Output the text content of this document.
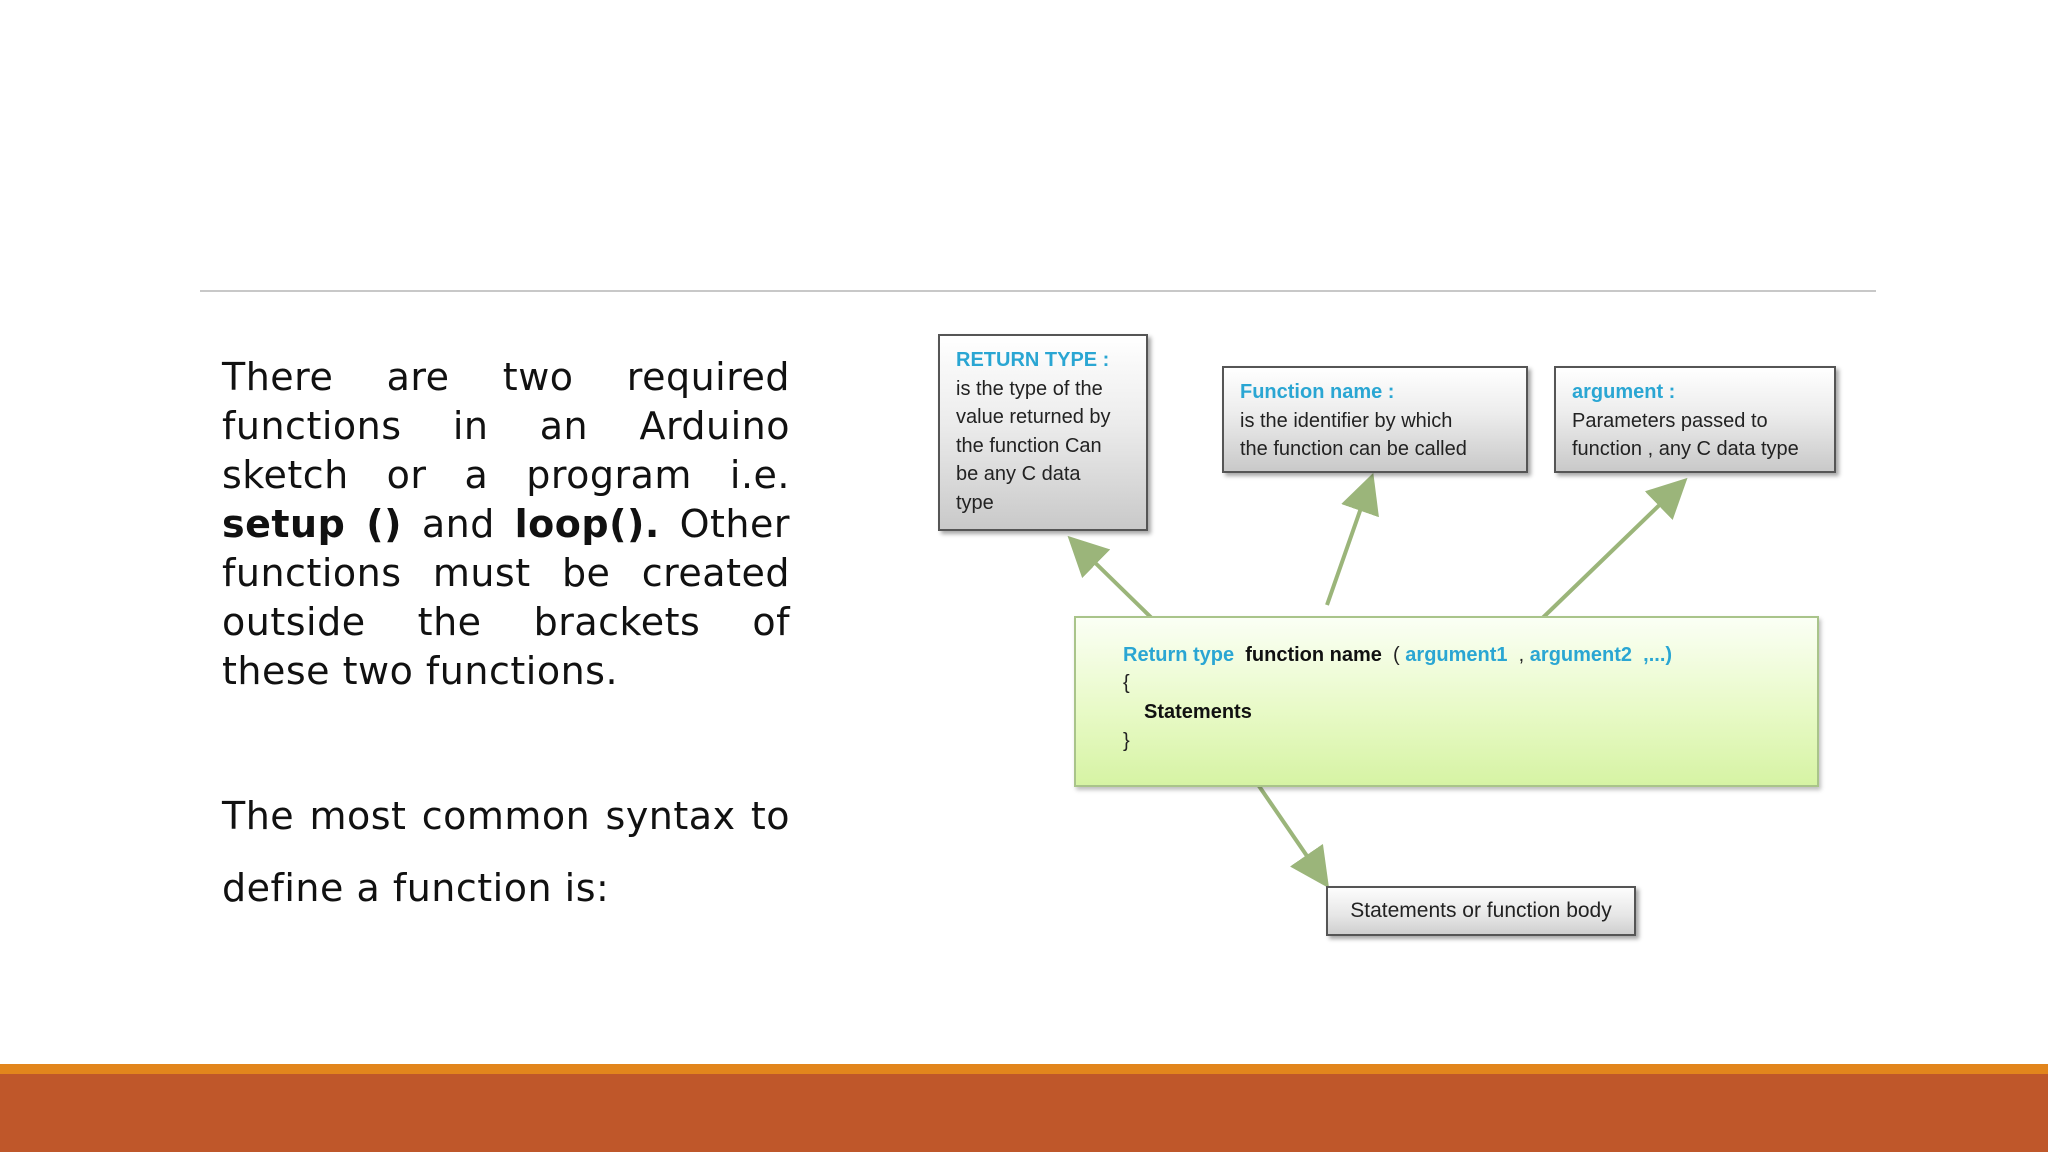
There are two required functions in an Arduino sketch or a program i.e. setup () and loop(). Other functions must be created outside the brackets of these two functions.
The most common syntax to define a function is:
RETURN TYPE :
is the type of the
value returned by
the function Can
be any C data
type
Function name :
is the identifier by which
the function can be called
argument :
Parameters passed to
function , any C data type
Return type function name ( argument1 , argument2 ,...)
{
Statements
}
Statements or function body
